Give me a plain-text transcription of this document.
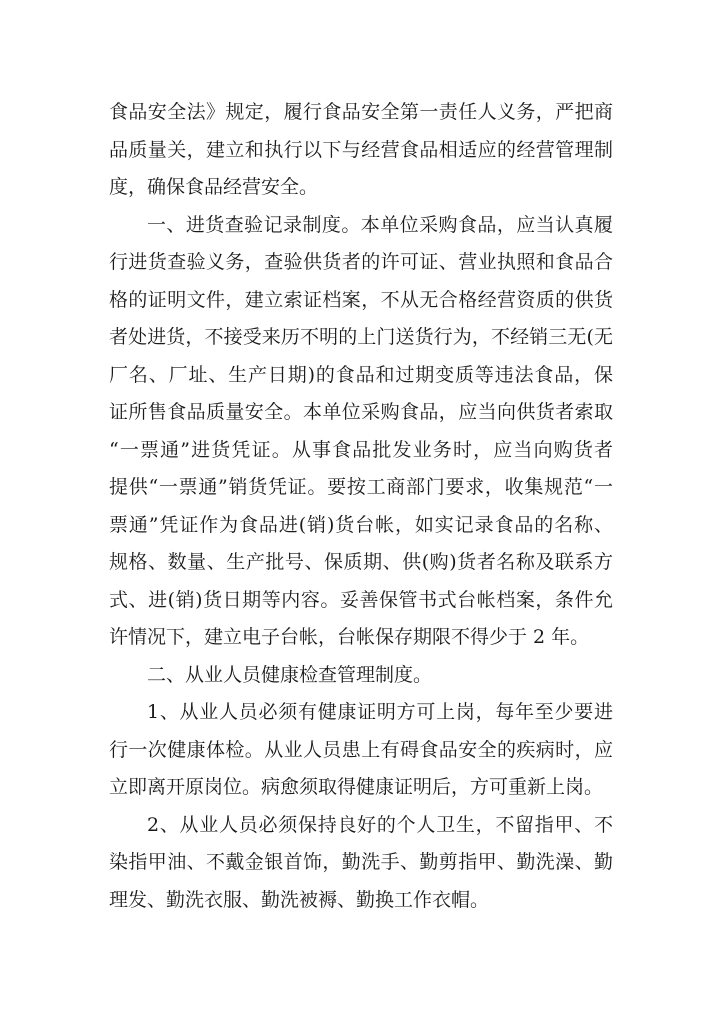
食品安全法》规定，履行食品安全第一责任人义务，严把商
品质量关，建立和执行以下与经营食品相适应的经营管理制
度，确保食品经营安全。
一、进货查验记录制度。本单位采购食品，应当认真履
行进货查验义务，查验供货者的许可证、营业执照和食品合
格的证明文件，建立索证档案，不从无合格经营资质的供货
者处进货，不接受来历不明的上门送货行为，不经销三无(无
厂名、厂址、生产日期)的食品和过期变质等违法食品，保
证所售食品质量安全。本单位采购食品，应当向供货者索取
“一票通”进货凭证。从事食品批发业务时，应当向购货者
提供“一票通”销货凭证。要按工商部门要求，收集规范“一
票通”凭证作为食品进(销)货台帐，如实记录食品的名称、
规格、数量、生产批号、保质期、供(购)货者名称及联系方
式、进(销)货日期等内容。妥善保管书式台帐档案，条件允
许情况下，建立电子台帐，台帐保存期限不得少于 2 年。
二、从业人员健康检查管理制度。
1、从业人员必须有健康证明方可上岗，每年至少要进
行一次健康体检。从业人员患上有碍食品安全的疾病时，应
立即离开原岗位。病愈须取得健康证明后，方可重新上岗。
2、从业人员必须保持良好的个人卫生，不留指甲、不
染指甲油、不戴金银首饰，勤洗手、勤剪指甲、勤洗澡、勤
理发、勤洗衣服、勤洗被褥、勤换工作衣帽。
